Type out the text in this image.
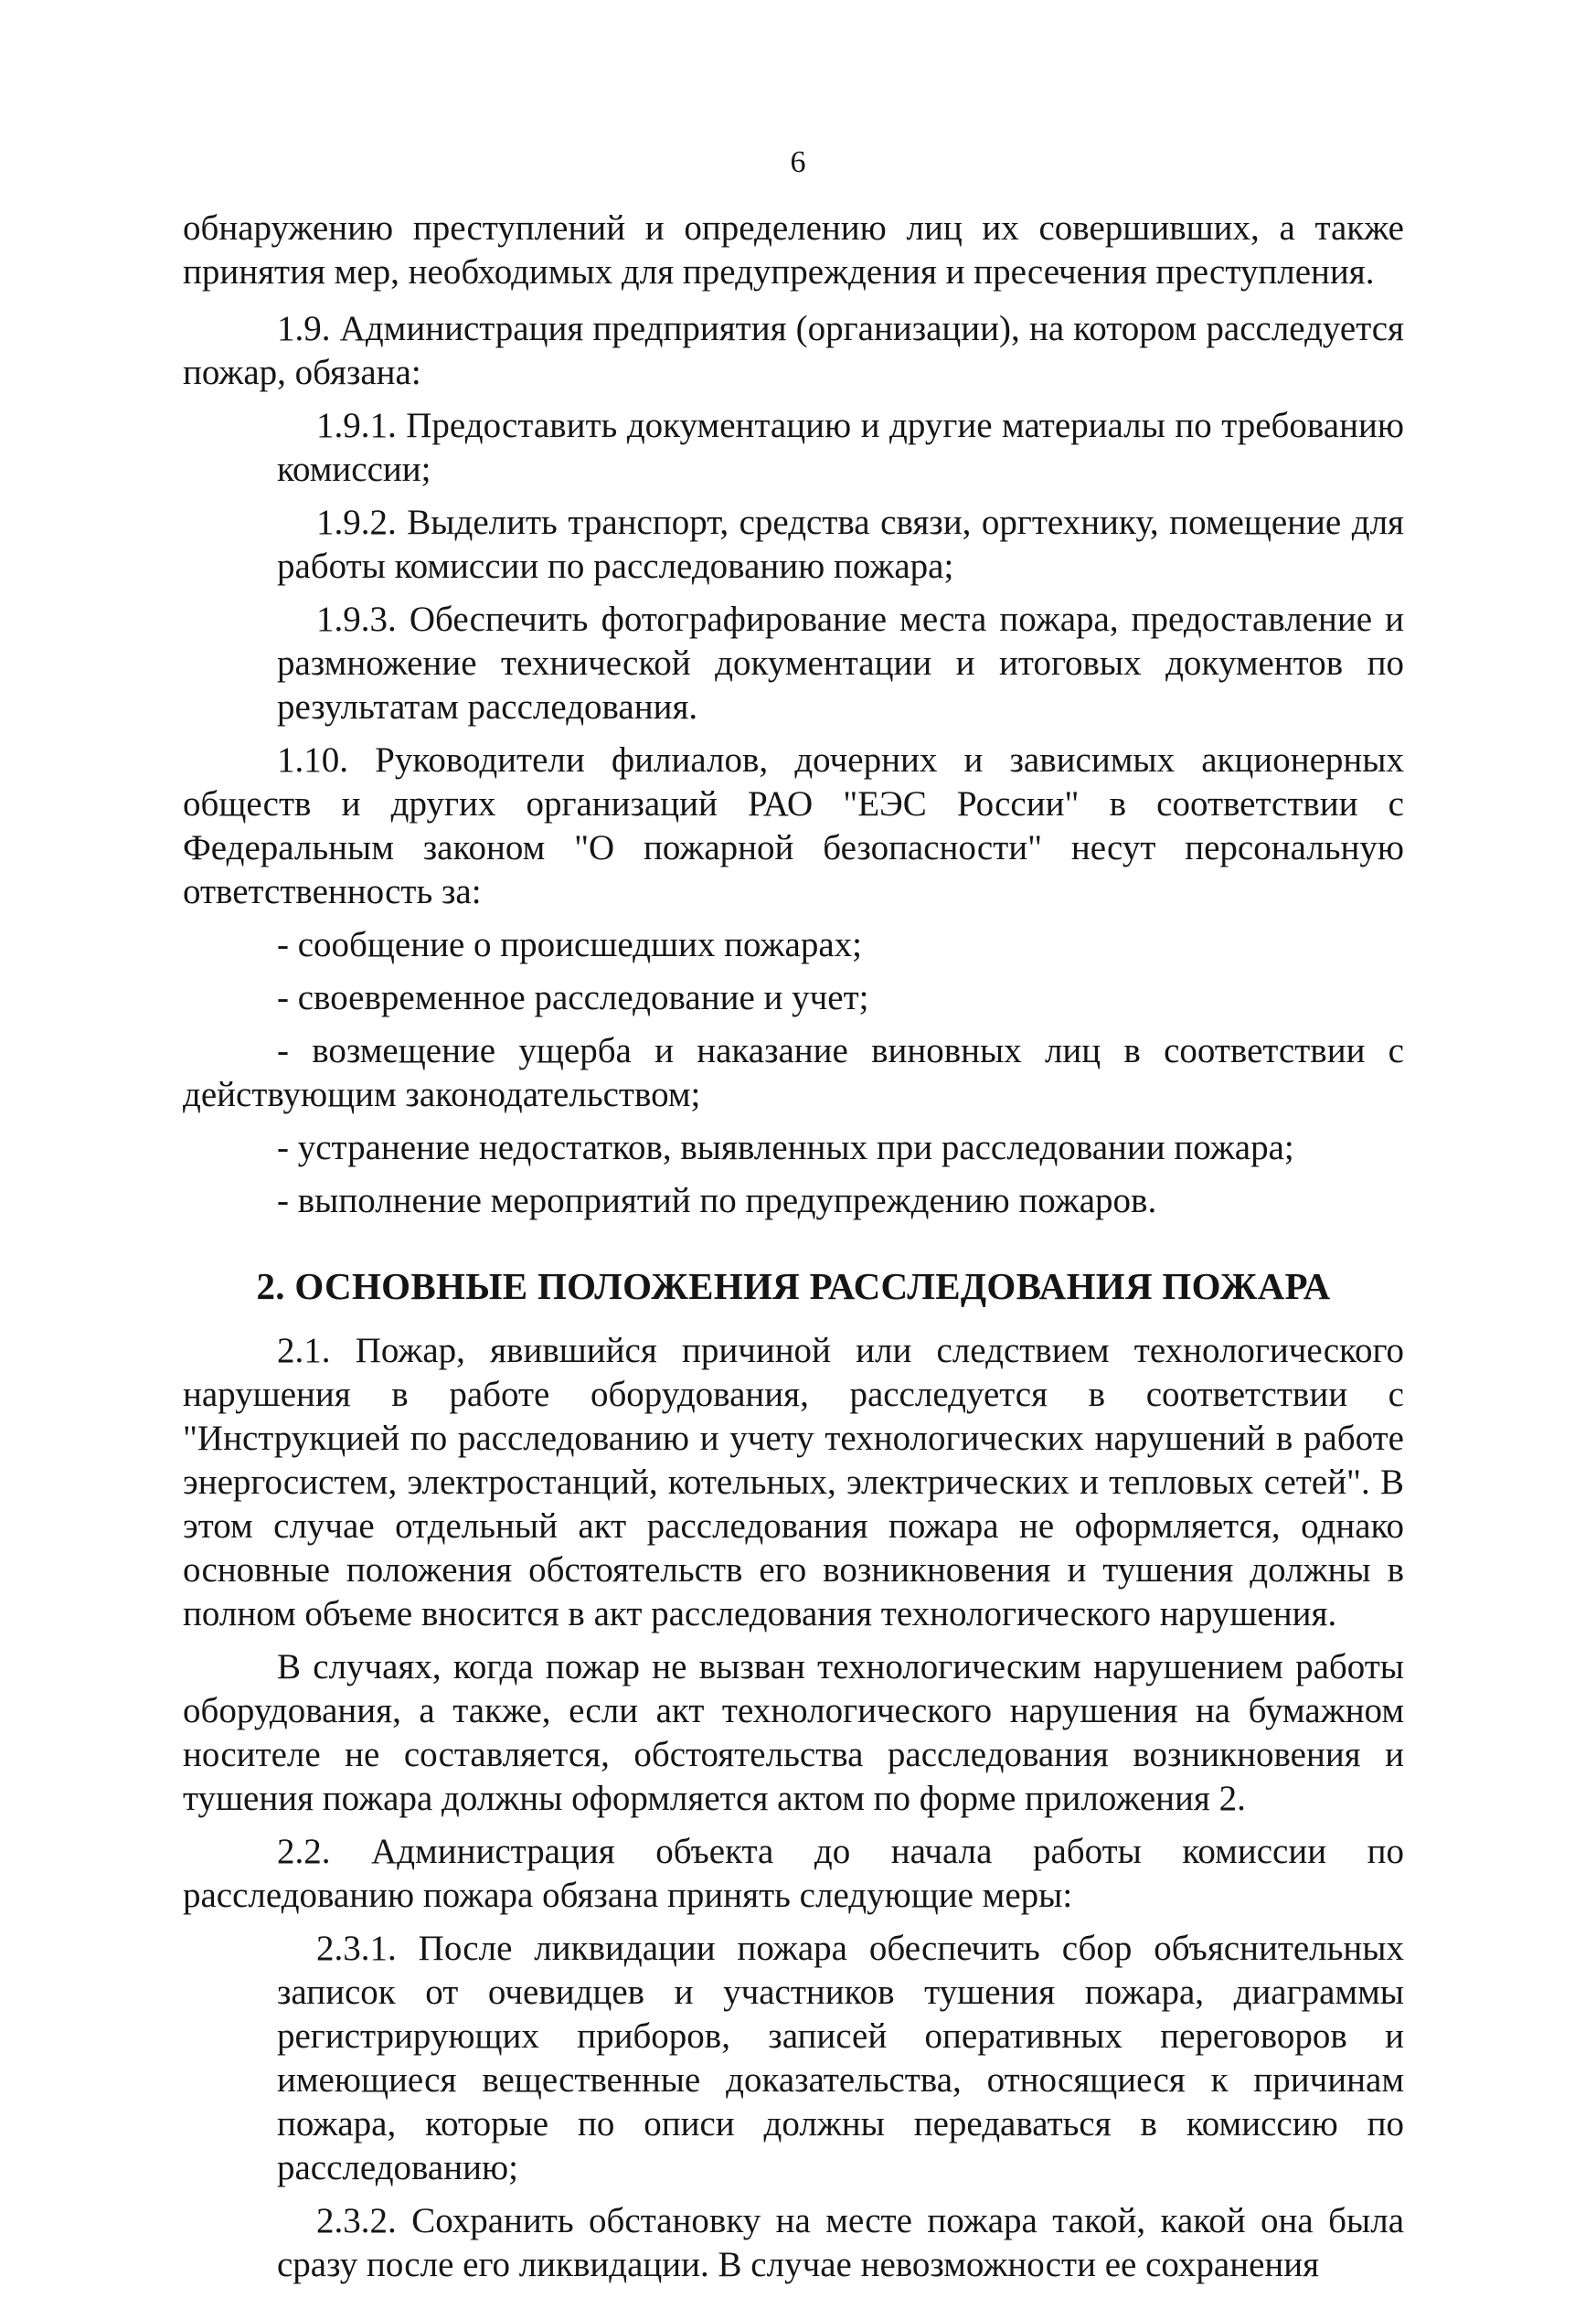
6

обнаружению преступлений и определению лиц их совершивших, а также принятия мер, необходимых для предупреждения и пресечения преступления.

1.9. Администрация предприятия (организации), на котором расследуется пожар, обязана:

1.9.1. Предоставить документацию и другие материалы по требованию комиссии;

1.9.2. Выделить транспорт, средства связи, оргтехнику, помещение для работы комиссии по расследованию пожара;

1.9.3. Обеспечить фотографирование места пожара, предоставление и размножение технической документации и итоговых документов по результатам расследования.

1.10. Руководители филиалов, дочерних и зависимых акционерных обществ и других организаций РАО "ЕЭС России" в соответствии с Федеральным законом "О пожарной безопасности" несут персональную ответственность за:

- сообщение о происшедших пожарах;

- своевременное расследование и учет;

- возмещение ущерба и наказание виновных лиц в соответствии с действующим законодательством;

- устранение недостатков, выявленных при расследовании пожара;

- выполнение мероприятий по предупреждению пожаров.

2. ОСНОВНЫЕ ПОЛОЖЕНИЯ РАССЛЕДОВАНИЯ ПОЖАРА

2.1. Пожар, явившийся причиной или следствием технологического нарушения в работе оборудования, расследуется в соответствии с "Инструкцией по расследованию и учету технологических нарушений в работе энергосистем, электростанций, котельных, электрических и тепловых сетей". В этом случае отдельный акт расследования пожара не оформляется, однако основные положения обстоятельств его возникновения и тушения должны в полном объеме вносится в акт расследования технологического нарушения.

В случаях, когда пожар не вызван технологическим нарушением работы оборудования, а также, если акт технологического нарушения на бумажном носителе не составляется, обстоятельства расследования возникновения и тушения пожара должны оформляется актом по форме приложения 2.

2.2. Администрация объекта до начала работы комиссии по расследованию пожара обязана принять следующие меры:

2.3.1. После ликвидации пожара обеспечить сбор объяснительных записок от очевидцев и участников тушения пожара, диаграммы регистрирующих приборов, записей оперативных переговоров и имеющиеся вещественные доказательства, относящиеся к причинам пожара, которые по описи должны передаваться в комиссию по расследованию;

2.3.2. Сохранить обстановку на месте пожара такой, какой она была сразу после его ликвидации. В случае невозможности ее сохранения
